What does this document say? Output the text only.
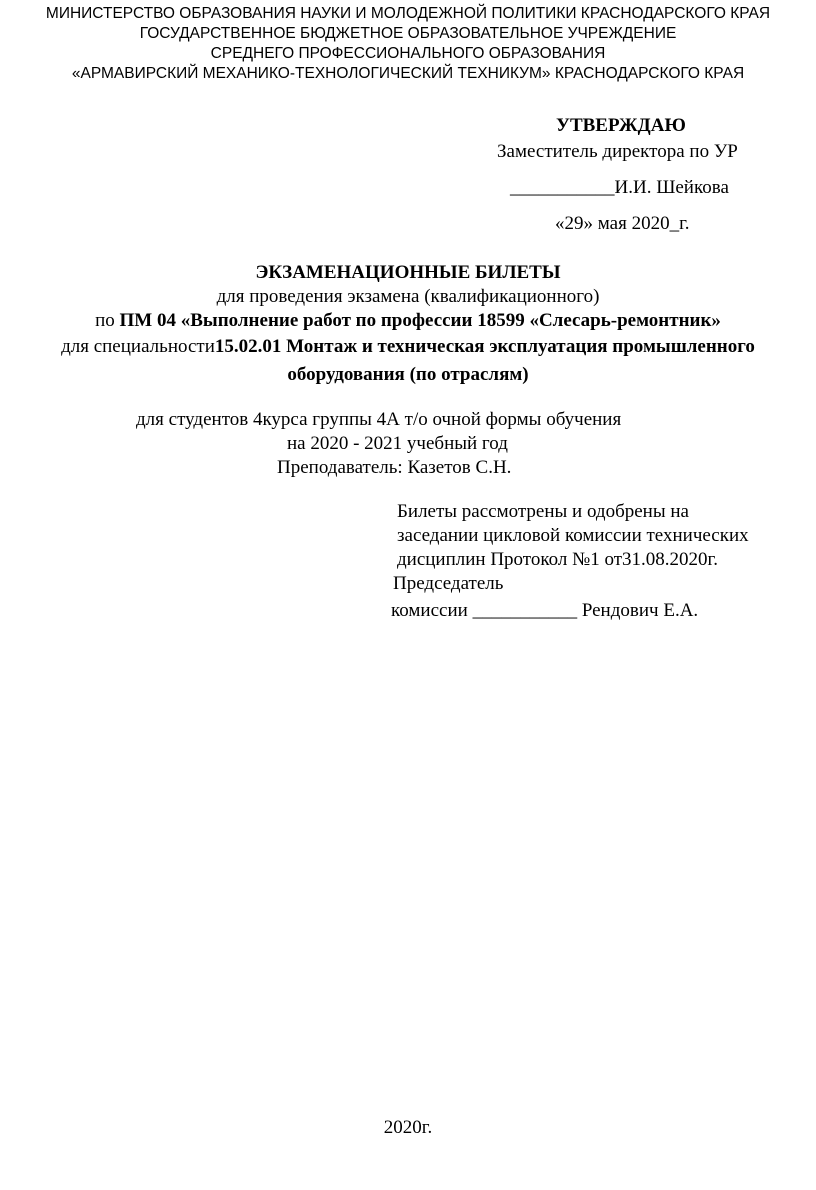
МИНИСТЕРСТВО ОБРАЗОВАНИЯ НАУКИ И МОЛОДЕЖНОЙ ПОЛИТИКИ КРАСНОДАРСКОГО КРАЯ
ГОСУДАРСТВЕННОЕ БЮДЖЕТНОЕ ОБРАЗОВАТЕЛЬНОЕ УЧРЕЖДЕНИЕ
СРЕДНЕГО ПРОФЕССИОНАЛЬНОГО ОБРАЗОВАНИЯ
«АРМАВИРСКИЙ МЕХАНИКО-ТЕХНОЛОГИЧЕСКИЙ ТЕХНИКУМ» КРАСНОДАРСКОГО КРАЯ
УТВЕРЖДАЮ
Заместитель директора по УР
___________И.И. Шейкова
«29» мая 2020_г.
ЭКЗАМЕНАЦИОННЫЕ БИЛЕТЫ
для проведения экзамена (квалификационного)
по ПМ 04 «Выполнение работ по профессии 18599 «Слесарь-ремонтник»
для специальности15.02.01 Монтаж и техническая эксплуатация промышленного
оборудования (по отраслям)
для студентов 4курса группы 4А т/о очной формы обучения
на 2020 - 2021 учебный год
Преподаватель: Казетов С.Н.
Билеты рассмотрены и одобрены на
заседании цикловой комиссии технических
дисциплин Протокол №1 от31.08.2020г.
Председатель
комиссии ___________ Рендович Е.А.
2020г.
